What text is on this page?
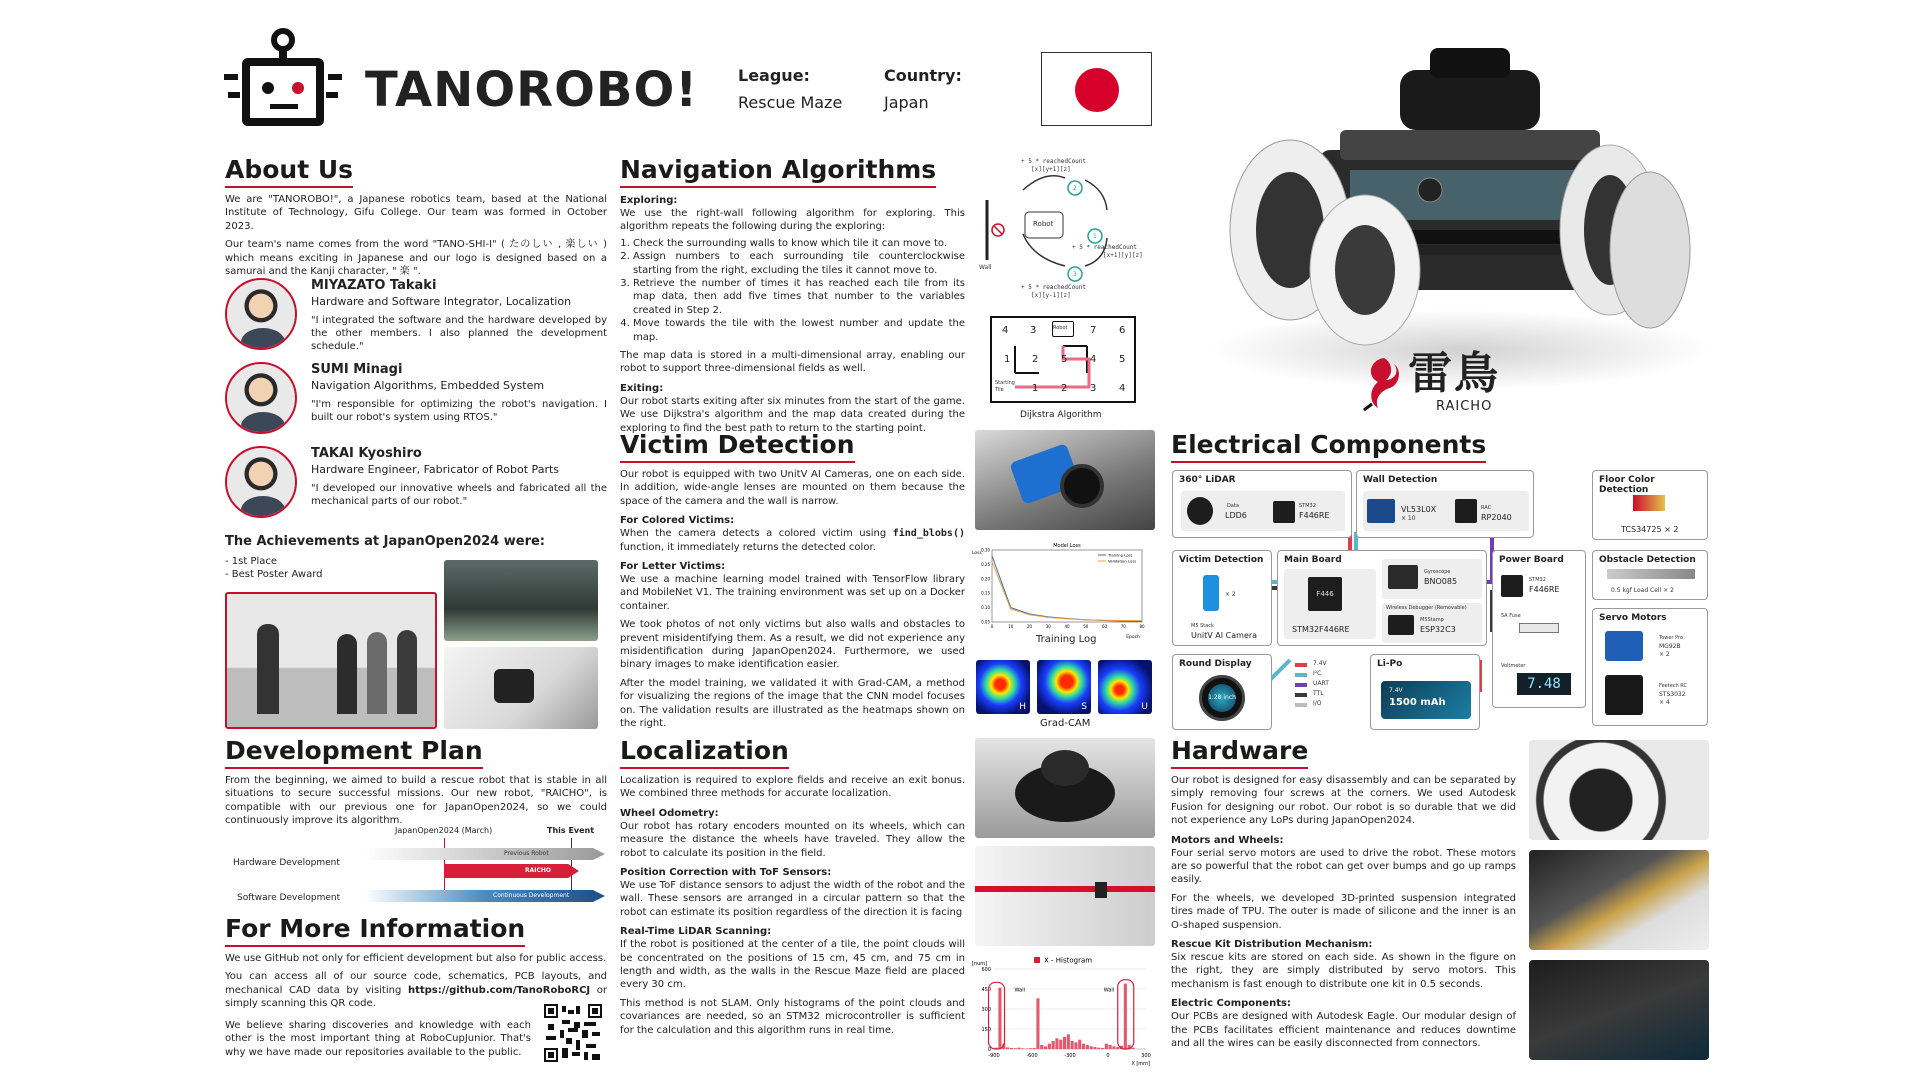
TANOROBO! League:
Rescue Maze
Country:
Japan
雷鳥
RAICHO
About Us
We are "TANOROBO!", a Japanese robotics team, based at the National Institute of Technology, Gifu College. Our team was formed in October 2023.
Our team's name comes from the word "TANO-SHI-I" ( たのしい , 楽しい ) which means exciting in Japanese and our logo is designed based on a samurai and the Kanji character, " 楽 ".
MIYAZATO Takaki
Hardware and Software Integrator, Localization
"I integrated the software and the hardware developed by the other members. I also planned the development schedule."
SUMI Minagi
Navigation Algorithms, Embedded System
"I'm responsible for optimizing the robot's navigation. I built our robot's system using RTOS."
TAKAI Kyoshiro
Hardware Engineer, Fabricator of Robot Parts
"I developed our innovative wheels and fabricated all the mechanical parts of our robot."
The Achievements at JapanOpen2024 were:
- 1st Place
- Best Poster Award
Development Plan
From the beginning, we aimed to build a rescue robot that is stable in all situations to secure successful missions. Our new robot, "RAICHO", is compatible with our previous one for JapanOpen2024, so we could continuously improve its algorithm.
JapanOpen2024 (March)	This Event
Hardware Development
Software Development
Previous Robot
RAICHO
Continuous Development
For More Information
We use GitHub not only for efficient development but also for public access.
You can access all of our source code, schematics, PCB layouts, and mechanical CAD data by visiting https://github.com/TanoRoboRCJ or simply scanning this QR code.
We believe sharing discoveries and knowledge with each other is the most important thing at RoboCupJunior. That's why we have made our repositories available to the public.
Navigation Algorithms
Exploring:
We use the right-wall following algorithm for exploring. This algorithm repeats the following during the exploring:
1. Check the surrounding walls to know which tile it can move to.
2. Assign numbers to each surrounding tile counterclockwise starting from the right, excluding the tiles it cannot move to.
3. Retrieve the number of times it has reached each tile from its map data, then add five times that number to the variables created in Step 2.
4. Move towards the tile with the lowest number and update the map.
The map data is stored in a multi-dimensional array, enabling our robot to support three-dimensional fields as well.
Exiting:
Our robot starts exiting after six minutes from the start of the game. We use Dijkstra's algorithm and the map data created during the exploring to find the best path to return to the starting point.
Victim Detection
Our robot is equipped with two UnitV AI Cameras, one on each side. In addition, wide-angle lenses are mounted on them because the space of the camera and the wall is narrow.
For Colored Victims:
When the camera detects a colored victim using find_blobs() function, it immediately returns the detected color.
For Letter Victims:
We use a machine learning model trained with TensorFlow library and MobileNet V1. The training environment was set up on a Docker container.
We took photos of not only victims but also walls and obstacles to prevent misidentifying them. As a result, we did not experience any misidentification during JapanOpen2024. Furthermore, we used binary images to make identification easier.
After the model training, we validated it with Grad-CAM, a method for visualizing the regions of the image that the CNN model focuses on. The validation results are illustrated as the heatmaps shown on the right.
Localization
Localization is required to explore fields and receive an exit bonus. We combined three methods for accurate localization.
Wheel Odometry:
Our robot has rotary encoders mounted on its wheels, which can measure the distance the wheels have traveled. They allow the robot to calculate its position in the field.
Position Correction with ToF Sensors:
We use ToF distance sensors to adjust the width of the robot and the wall. These sensors are arranged in a circular pattern so that the robot can estimate its position regardless of the direction it is facing
Real-Time LiDAR Scanning:
If the robot is positioned at the center of a tile, the point clouds will be concentrated on the positions of 15 cm, 45 cm, and 75 cm in length and width, as the walls in the Rescue Maze field are placed every 30 cm.
This method is not SLAM. Only histograms of the point clouds and covariances are needed, so an STM32 microcontroller is sufficient for the calculation and this algorithm runs in real time.
+ 5 * reachedCount
[x][y+1][z]
+ 5 * reachedCount
[x+1][y][z]
+ 5 * reachedCount
[x][y-1][z]
Robot
Wall
2
1
3
4 3	Robot 7 6
1 2 5 4 5
Starting Tile	1 2 3 4
Dijkstra Algorithm
Model Loss
Loss
Epoch
0.05
0.10
0.15
0.20
0.25
0.30
0	10	20	30	40	50	60	70	80
Training Loss
Validation Loss
Training Log
H	S	U
Grad-CAM
X - Histogram
[num]
X [mm]
0
150
300
450
600
-900	-600	-300	0	300
Wall	Wall
Electrical Components
360° LiDAR
Data
LDD6
STM32
F446RE
Wall Detection
VL53L0X
× 10
RAC
RP2040
Floor Color Detection
TCS34725 × 2
Victim Detection
× 2
M5 Stack
UnitV AI Camera
Main Board
F446
STM32F446RE
Gyroscope
BNO085
Wireless Debugger (Removable)
M5Stamp
ESP32C3
Power Board
STM32
F446RE
5A Fuse
Voltmeter
7.48
Obstacle Detection
0.5 kgf Load Cell × 2
Servo Motors
Tower Pro
MG92B
× 2
Feetech RC
STS3032
× 4
Round Display
1.28 inch
7.4V
I²C
UART
TTL
I/O
Li-Po
7.4V
1500 mAh
Hardware
Our robot is designed for easy disassembly and can be separated by simply removing four screws at the corners. We used Autodesk Fusion for designing our robot. Our robot is so durable that we did not experience any LoPs during JapanOpen2024.
Motors and Wheels:
Four serial servo motors are used to drive the robot. These motors are so powerful that the robot can get over bumps and go up ramps easily.
For the wheels, we developed 3D-printed suspension integrated tires made of TPU. The outer is made of silicone and the inner is an O-shaped suspension.
Rescue Kit Distribution Mechanism:
Six rescue kits are stored on each side. As shown in the figure on the right, they are simply distributed by servo motors. This mechanism is fast enough to distribute one kit in 0.5 seconds.
Electric Components:
Our PCBs are designed with Autodesk Eagle. Our modular design of the PCBs facilitates efficient maintenance and reduces downtime and all the wires can be easily disconnected from connectors.
